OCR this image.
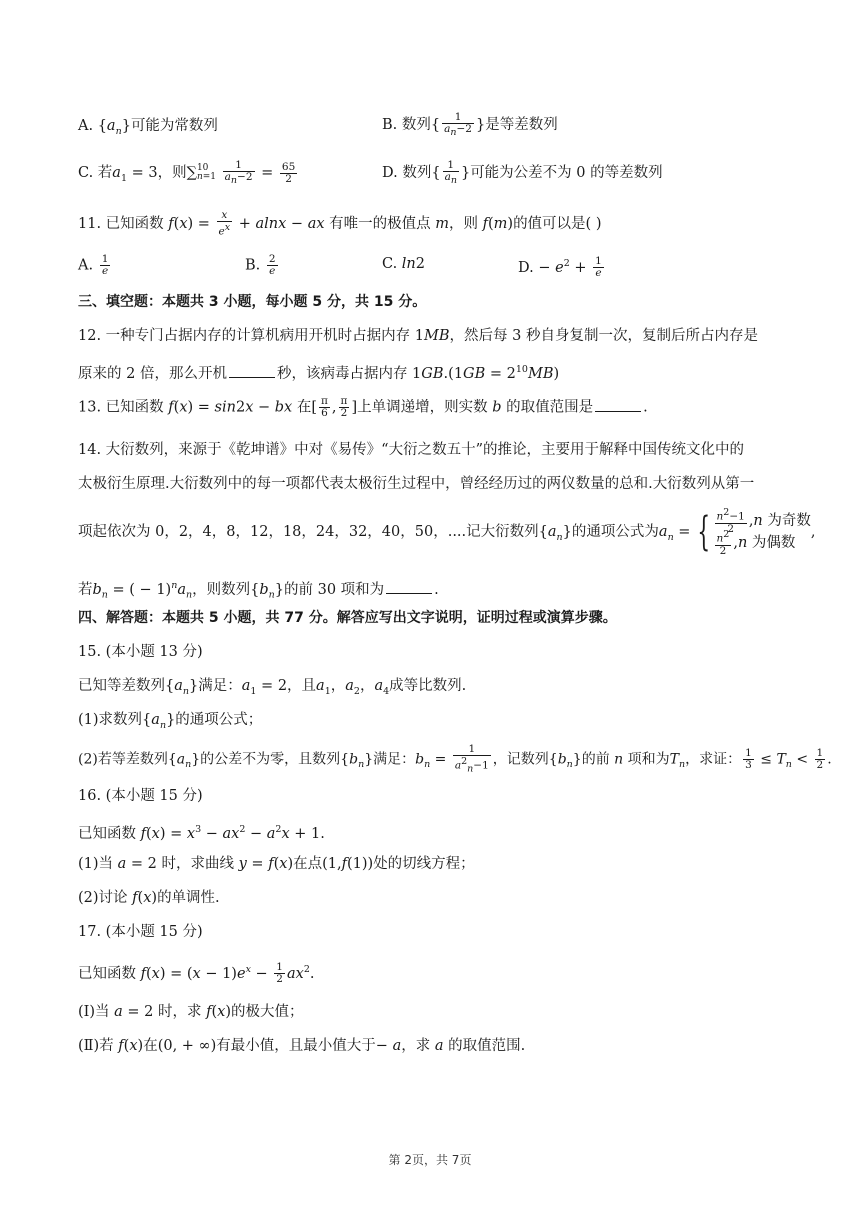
A. $\{a_n\}$可能为常数列	B. 数列{ $\frac{1}{a_n-2}$ }是等差数列
C. 若$a_1 = 3$，则∑ 10
n=1
$\frac{1}{a_n-2} = \frac{65}{2}$	D. 数列{ $\frac{1}{a_n}$ }可能为公差不为 0 的等差数列
11. 已知函数 $f(x) = \frac{x}{e^x} + alnx$ − ax 有唯一的极值点 m，则 f(m)的值可以是( )
A. $\frac{1}{e}$	B. $\frac{2}{e}$	C. ln2	D. − $e^2 + \frac{1}{e}$
三、填空题：本题共 3 小题，每小题 5 分，共 15 分。
12. 一种专门占据内存的计算机病用开机时占据内存 1MB，然后每 3 秒自身复制一次，复制后所占内存是
原来的 2 倍，那么开机	秒，该病毒占据内存 $1GB.(1GB = 2^{10}MB)$
13. 已知函数 f(x) = sin2x − bx 在[ $\frac{\pi}{6}$ , $\frac{\pi}{2}$ ]上单调递增，则实数 b 的取值范围是	.
14. 大衍数列，来源于《乾坤谱》中对《易传》“大衍之数五十”的推论，主要用于解释中国传统文化中的
太极衍生原理.大衍数列中的每一项都代表太极衍生过程中，曾经经历过的两仪数量的总和.大衍数列从第一
项起依次为 0，2，4，8，12，18，24，32，40，50，....记大衍数列$\{a_n\}$的通项公式为$a_n$ = { $\frac{n^2-1}{2}$ , n
为奇数
$\frac{n^2}{2}$ , n
为偶数
,
若$b_n$ = ( − $1)^na_n$，则数列$\{b_n\}$的前 30 项和为	.
四、解答题：本题共 5 小题，共 77 分。解答应写出文字说明，证明过程或演算步骤。
15. (本小题 13 分)
已知等差数列$\{a_n\}$满足：$a_1 = 2$，且$a_1$，$a_2$，$a_4$成等比数列.
(1)求数列$\{a_n\}$的通项公式；
(2)若等差数列$\{a_n\}$的公差不为零，且数列$\{b_n\}$满足：$b_n = \frac{1}{a^2_n-1}$ ，记数列$\{b_n\}$的前 n 项和为$T_n$，求证： $\frac{1}{3} \le T_n < \frac{1}{2}$ .
16. (本小题 15 分)
已知函数 $f(x) = x^3 - ax^2 - a^2x + 1$.
(1)当 a = 2 时，求曲线 y = f(x)在点(1,f(1))处的切线方程；
(2)讨论 f(x)的单调性.
17. (本小题 15 分)
已知函数 $f(x) = (x - 1)e^x - \frac{1}{2} ax^2$.
(Ⅰ)当 a = 2 时，求 f(x)的极大值；
(Ⅱ)若 f(x)在(0, + ∞)有最小值，且最小值大于− a，求 a 的取值范围.
第 2页，共 7页
